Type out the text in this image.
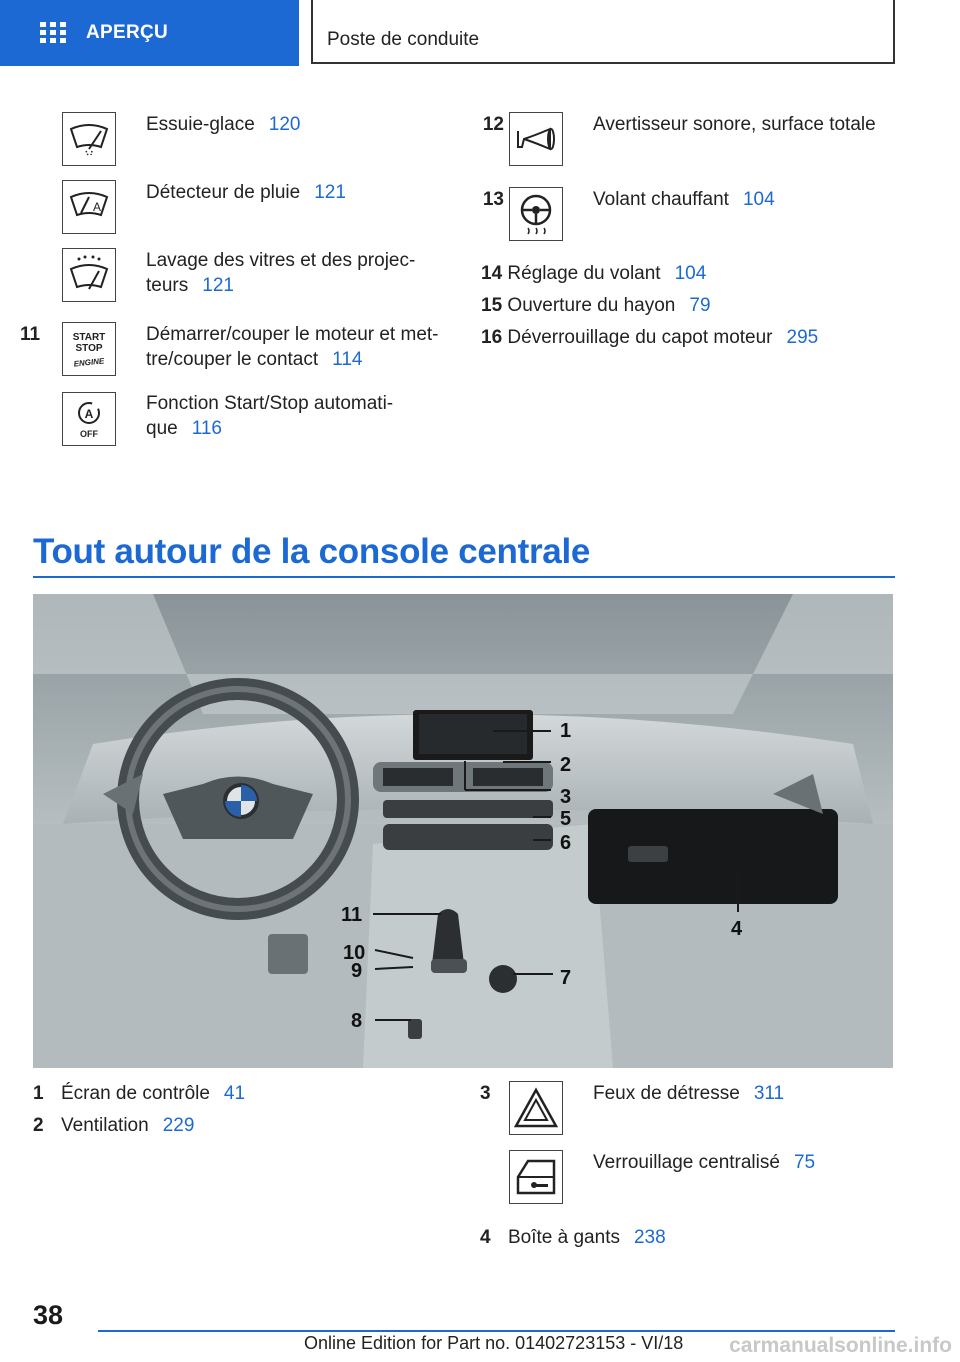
APERÇU	Poste de conduite
Essuie-glace 120
A
Détecteur de pluie 121
Lavage des vitres et des projec-
teurs 121
11	START
STOP
ENGINE
Démarrer/couper le moteur et met-
tre/couper le contact 114
A
OFF
Fonction Start/Stop automati-
que 116
12	Avertisseur sonore, surface totale
13	Volant chauffant 104
14 Réglage du volant 104
15 Ouverture du hayon 79
16 Déverrouillage du capot moteur 295
Tout autour de la console centrale
1
2
3
5
6
4
11
10
9	7
8
1 Écran de contrôle 41
2 Ventilation 229
3	Feux de détresse 311
Verrouillage centralisé 75
4 Boîte à gants 238
38
Online Edition for Part no. 01402723153 - VI/18 carmanualsonline.info
